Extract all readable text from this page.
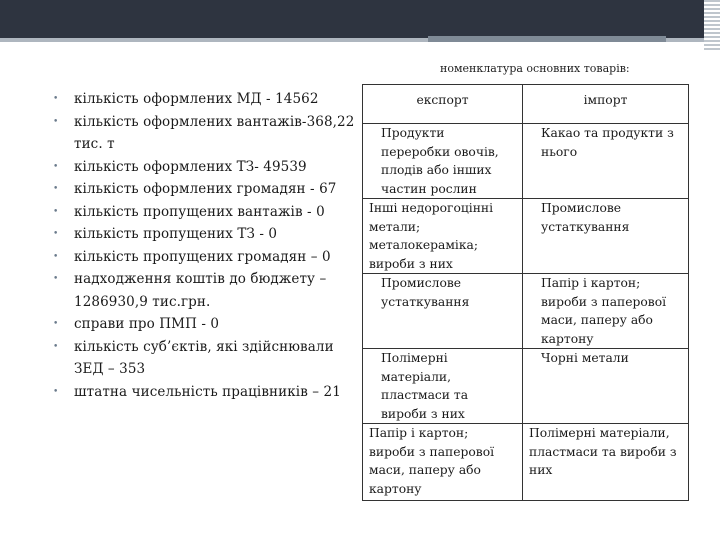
номенклатура основних товарів:
• кількість оформлених МД - 14562
• кількість оформлених вантажів-368,22 тис. т
• кількість оформлених ТЗ- 49539
• кількість оформлених громадян - 67
• кількість пропущених вантажів - 0
• кількість пропущених ТЗ - 0
• кількість пропущених громадян – 0
• надходження коштів до бюджету – 1286930,9 тис.грн.
• справи про ПМП - 0
• кількість суб’єктів, які здійснювали ЗЕД – 353
• штатна чисельність працівників – 21
експорт	імпорт

Продукти переробки овочів, плодів або інших частин рослин	Какао та продукти з нього

Інші недорогоцінні метали; металокераміка; вироби з них	Промислове устаткування

Промислове устаткування	Папір і картон; вироби з паперової маси, паперу або картону

Полімерні матеріали, пластмаси та вироби з них	Чорні метали

Папір і картон; вироби з паперової маси, паперу або картону	Полімерні матеріали, пластмаси та вироби з них
